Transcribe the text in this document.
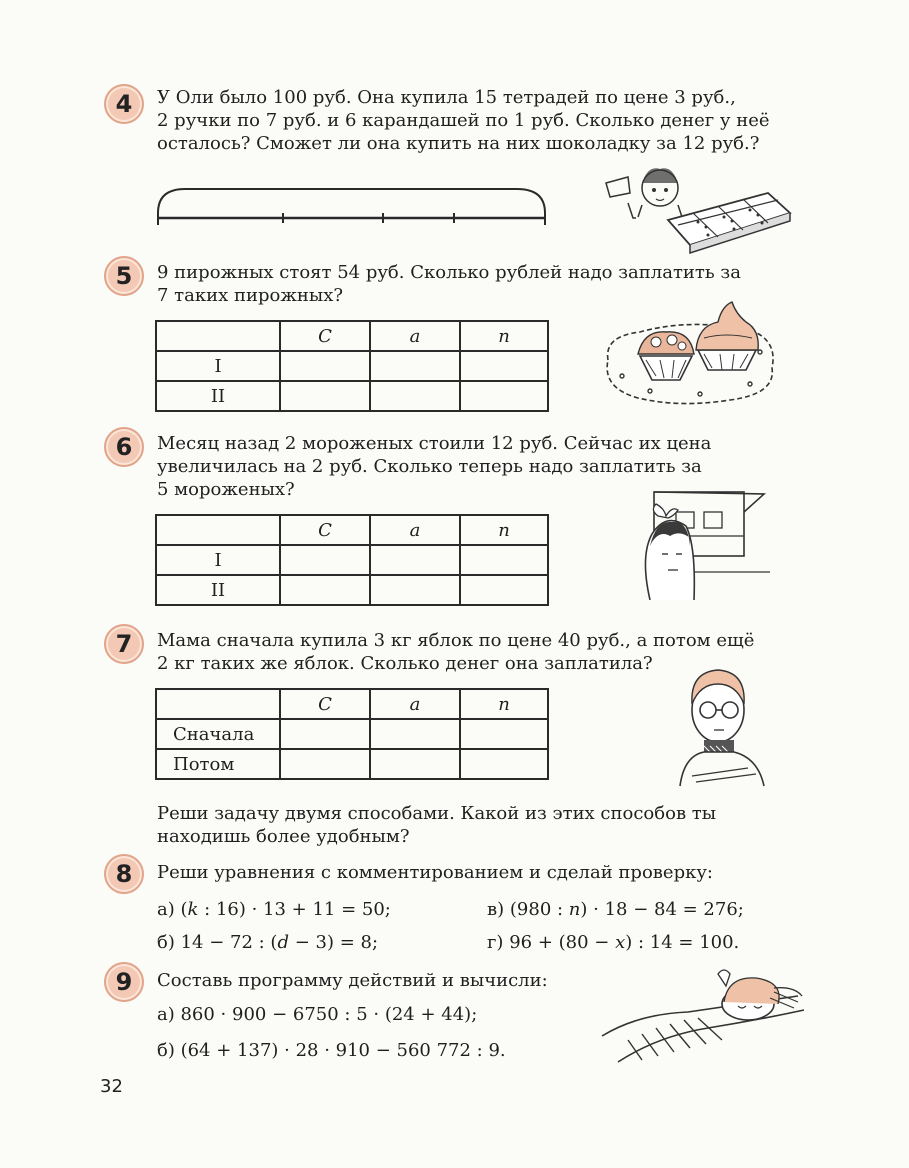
4	У Оли было 100 руб. Она купила 15 тетрадей по цене 3 руб.,
2 ручки по 7 руб. и 6 карандашей по 1 руб. Сколько денег у неё
осталось? Сможет ли она купить на них шоколадку за 12 руб.?
5	9 пирожных стоят 54 руб. Сколько рублей надо заплатить за
7 таких пирожных?
	С	а	n
I			
II			
6	Месяц назад 2 мороженых стоили 12 руб. Сейчас их цена
увеличилась на 2 руб. Сколько теперь надо заплатить за
5 мороженых?
	С	а	n
I			
II			
7	Мама сначала купила 3 кг яблок по цене 40 руб., а потом ещё
2 кг таких же яблок. Сколько денег она заплатила?
	С	а	n
Сначала			
Потом			
Реши задачу двумя способами. Какой из этих способов ты
находишь более удобным?
8	Реши уравнения с комментированием и сделай проверку:
а) (k : 16) · 13 + 11 = 50;	в) (980 : n) · 18 − 84 = 276;
б) 14 − 72 : (d − 3) = 8;	г) 96 + (80 − x) : 14 = 100.
9	Составь программу действий и вычисли:
а) 860 · 900 − 6750 : 5 · (24 + 44);
б) (64 + 137) · 28 · 910 − 560 772 : 9.
32
